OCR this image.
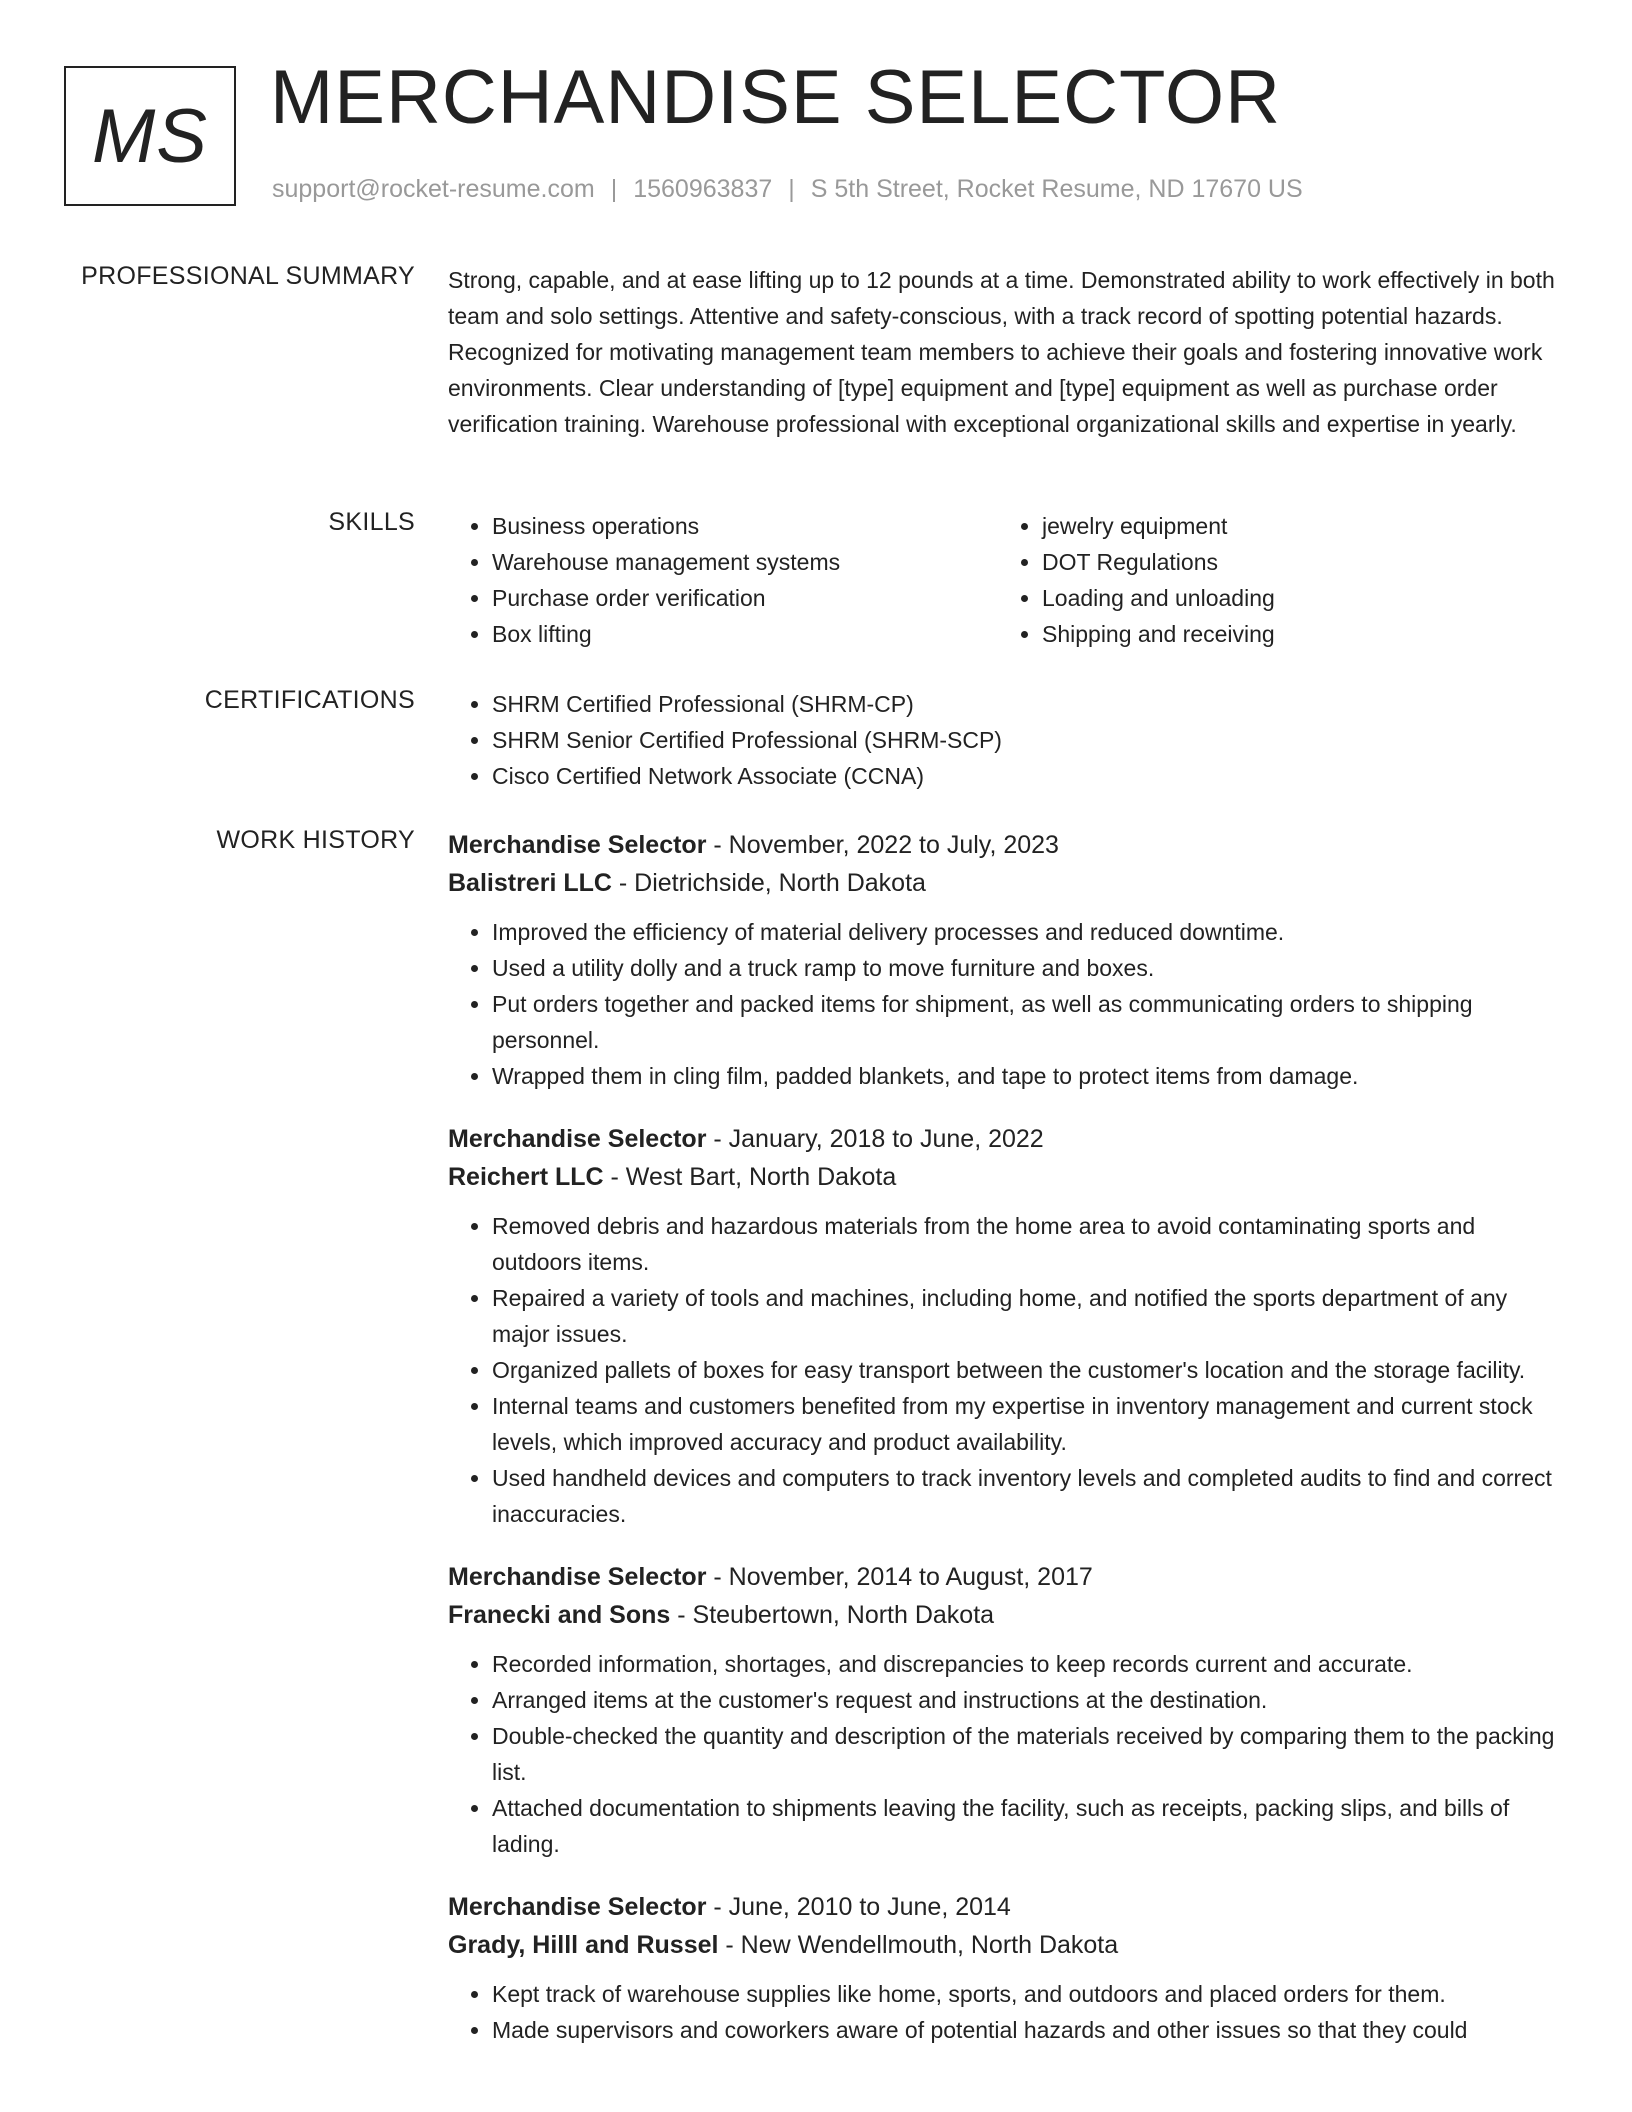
MS MERCHANDISE SELECTOR
support@rocket-resume.com | 1560963837 | S 5th Street, Rocket Resume, ND 17670 US
PROFESSIONAL SUMMARY Strong, capable, and at ease lifting up to 12 pounds at a time. Demonstrated ability to work effectively in both team and solo settings. Attentive and safety-conscious, with a track record of spotting potential hazards. Recognized for motivating management team members to achieve their goals and fostering innovative work environments. Clear understanding of [type] equipment and [type] equipment as well as purchase order verification training. Warehouse professional with exceptional organizational skills and expertise in yearly.

SKILLS	• Business operations
• Warehouse management systems
• Purchase order verification
• Box lifting
• jewelry equipment
• DOT Regulations
• Loading and unloading
• Shipping and receiving
CERTIFICATIONS	• SHRM Certified Professional (SHRM-CP)
• SHRM Senior Certified Professional (SHRM-SCP)
• Cisco Certified Network Associate (CCNA)
WORK HISTORY Merchandise Selector - November, 2022 to July, 2023
Balistreri LLC - Dietrichside, North Dakota
• Improved the efficiency of material delivery processes and reduced downtime.
• Used a utility dolly and a truck ramp to move furniture and boxes.
• Put orders together and packed items for shipment, as well as communicating orders to shipping personnel.
• Wrapped them in cling film, padded blankets, and tape to protect items from damage.
Merchandise Selector - January, 2018 to June, 2022
Reichert LLC - West Bart, North Dakota
• Removed debris and hazardous materials from the home area to avoid contaminating sports and outdoors items.
• Repaired a variety of tools and machines, including home, and notified the sports department of any major issues.
• Organized pallets of boxes for easy transport between the customer's location and the storage facility.
• Internal teams and customers benefited from my expertise in inventory management and current stock levels, which improved accuracy and product availability.
• Used handheld devices and computers to track inventory levels and completed audits to find and correct inaccuracies.
Merchandise Selector - November, 2014 to August, 2017
Franecki and Sons - Steubertown, North Dakota
• Recorded information, shortages, and discrepancies to keep records current and accurate.
• Arranged items at the customer's request and instructions at the destination.
• Double-checked the quantity and description of the materials received by comparing them to the packing list.
• Attached documentation to shipments leaving the facility, such as receipts, packing slips, and bills of lading.
Merchandise Selector - June, 2010 to June, 2014
Grady, Hilll and Russel - New Wendellmouth, North Dakota
• Kept track of warehouse supplies like home, sports, and outdoors and placed orders for them.
• Made supervisors and coworkers aware of potential hazards and other issues so that they could
